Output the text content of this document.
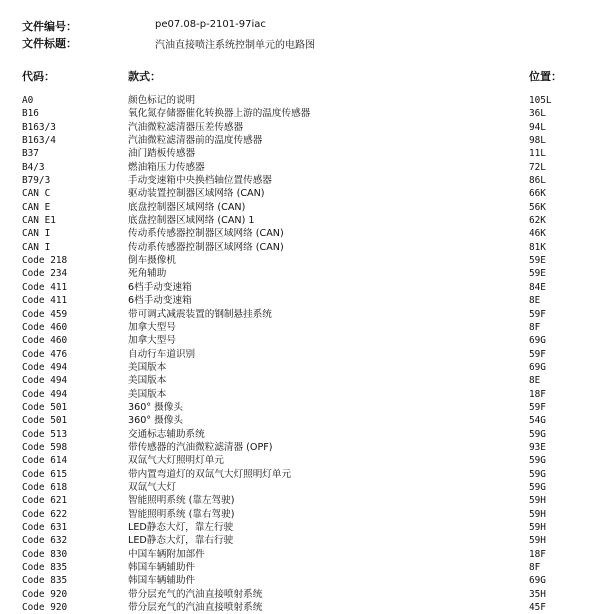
文件编号：	pe07.08-p-2101-97iac
文件标题：	汽油直接喷注系统控制单元的电路图
代码：	款式：	位置：
A0	颜色标记的说明	105L
B16	氧化氮存储器催化转换器上游的温度传感器	36L
B163/3	汽油微粒滤清器压差传感器	94L
B163/4	汽油微粒滤清器前的温度传感器	98L
B37	油门踏板传感器	11L
B4/3	燃油箱压力传感器	72L
B79/3	手动变速箱中央换档轴位置传感器	86L
CAN C	驱动装置控制器区域网络 (CAN)	66K
CAN E	底盘控制器区域网络 (CAN)	56K
CAN E1	底盘控制器区域网络 (CAN) 1	62K
CAN I	传动系传感器控制器区域网络 (CAN)	46K
CAN I	传动系传感器控制器区域网络 (CAN)	81K
Code 218	倒车摄像机	59E
Code 234	死角辅助	59E
Code 411	6档手动变速箱	84E
Code 411	6档手动变速箱	8E
Code 459	带可调式减震装置的钢制悬挂系统	59F
Code 460	加拿大型号	8F
Code 460	加拿大型号	69G
Code 476	自动行车道识别	59F
Code 494	美国版本	69G
Code 494	美国版本	8E
Code 494	美国版本	18F
Code 501	360° 摄像头	59F
Code 501	360° 摄像头	54G
Code 513	交通标志辅助系统	59G
Code 598	带传感器的汽油微粒滤清器 (OPF)	93E
Code 614	双氙气大灯照明灯单元	59G
Code 615	带内置弯道灯的双氙气大灯照明灯单元	59G
Code 618	双氙气大灯	59G
Code 621	智能照明系统 (靠左驾驶)	59H
Code 622	智能照明系统 (靠右驾驶)	59H
Code 631	LED静态大灯，靠左行驶	59H
Code 632	LED静态大灯，靠右行驶	59H
Code 830	中国车辆附加部件	18F
Code 835	韩国车辆辅助件	8F
Code 835	韩国车辆辅助件	69G
Code 920	带分层充气的汽油直接喷射系统	35H
Code 920	带分层充气的汽油直接喷射系统	45F
